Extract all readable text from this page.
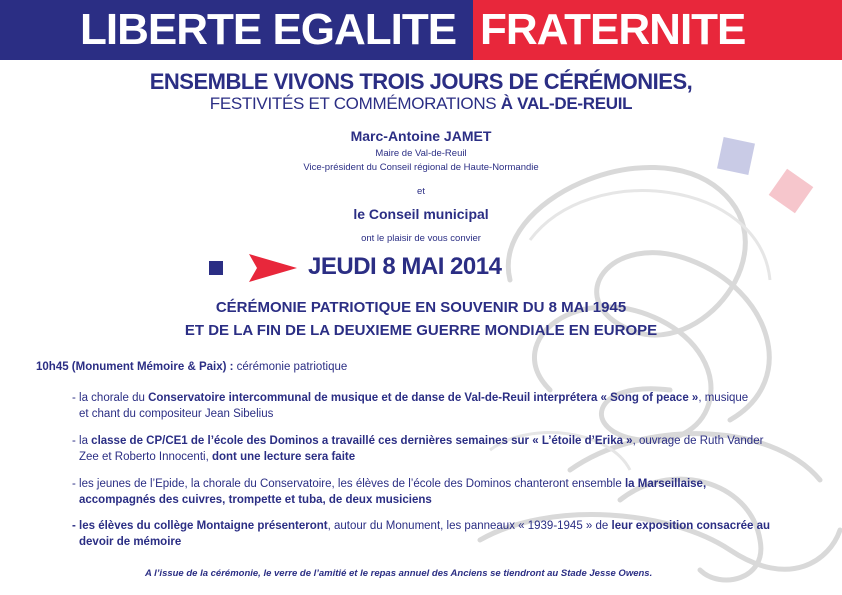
LIBERTE EGALITE FRATERNITE
ENSEMBLE VIVONS TROIS JOURS DE CÉRÉMONIES,
FESTIVITÉS ET COMMÉMORATIONS À VAL-DE-REUIL
Marc-Antoine JAMET
Maire de Val-de-Reuil
Vice-président du Conseil régional de Haute-Normandie
et
le Conseil municipal
ont le plaisir de vous convier
JEUDI 8 MAI 2014
CÉRÉMONIE PATRIOTIQUE EN SOUVENIR DU 8 MAI 1945
ET DE LA FIN DE LA DEUXIEME GUERRE MONDIALE EN EUROPE
10h45 (Monument Mémoire & Paix) : cérémonie patriotique
- la chorale du Conservatoire intercommunal de musique et de danse de Val-de-Reuil interprétera « Song of peace », musique
et chant du compositeur Jean Sibelius
- la classe de CP/CE1 de l’école des Dominos a travaillé ces dernières semaines sur « L’étoile d’Erika », ouvrage de Ruth Vander
Zee et Roberto Innocenti, dont une lecture sera faite
- les jeunes de l’Epide, la chorale du Conservatoire, les élèves de l’école des Dominos chanteront ensemble la Marseillaise,
accompagnés des cuivres, trompette et tuba, de deux musiciens
- les élèves du collège Montaigne présenteront, autour du Monument, les panneaux « 1939-1945 » de leur exposition consacrée au
devoir de mémoire
A l’issue de la cérémonie, le verre de l’amitié et le repas annuel des Anciens se tiendront au Stade Jesse Owens.
